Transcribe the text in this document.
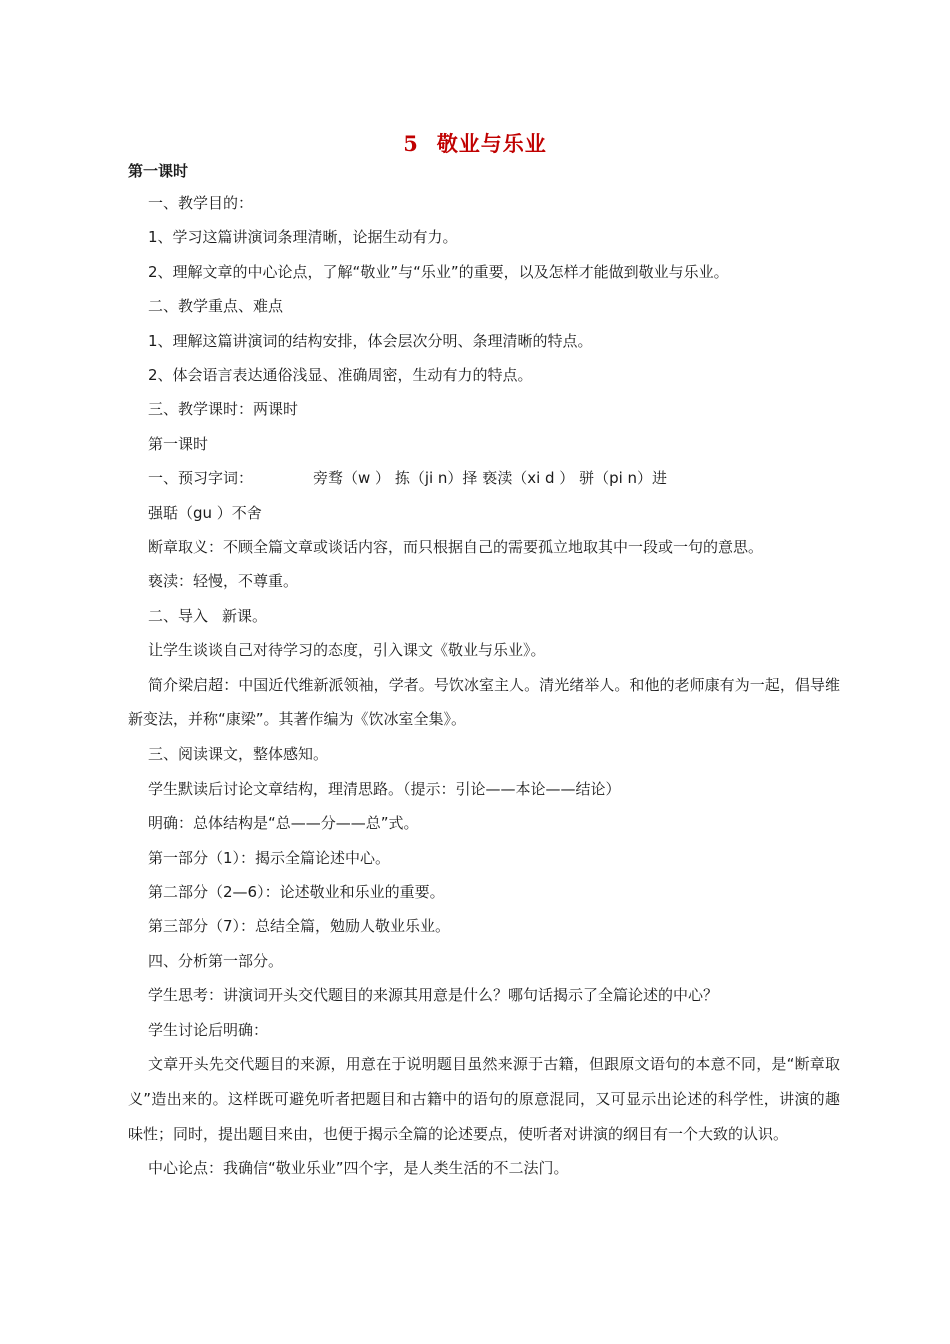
5 敬业与乐业

第一课时

一、教学目的：

1、学习这篇讲演词条理清晰，论据生动有力。

2、理解文章的中心论点，了解“敬业”与“乐业”的重要，以及怎样才能做到敬业与乐业。

二、教学重点、难点

1、理解这篇讲演词的结构安排，体会层次分明、条理清晰的特点。

2、体会语言表达通俗浅显、准确周密，生动有力的特点。

三、教学课时：两课时

第一课时

一、预习字词：	旁骛（w ） 拣（ji n）择 亵渎（xi d ） 骈（pi n）进

强聒（gu ）不舍

断章取义：不顾全篇文章或谈话内容，而只根据自己的需要孤立地取其中一段或一句的意思。

亵渎：轻慢，不尊重。

二、导入 新课。

让学生谈谈自己对待学习的态度，引入课文《敬业与乐业》。

简介梁启超：中国近代维新派领袖，学者。号饮冰室主人。清光绪举人。和他的老师康有为一起，倡导维新变法，并称“康梁”。其著作编为《饮冰室全集》。

三、阅读课文，整体感知。

学生默读后讨论文章结构，理清思路。（提示：引论——本论——结论）

明确：总体结构是“总——分——总”式。

第一部分（1）：揭示全篇论述中心。

第二部分（2—6）：论述敬业和乐业的重要。

第三部分（7）：总结全篇，勉励人敬业乐业。

四、分析第一部分。

学生思考：讲演词开头交代题目的来源其用意是什么？哪句话揭示了全篇论述的中心？

学生讨论后明确：

文章开头先交代题目的来源，用意在于说明题目虽然来源于古籍，但跟原文语句的本意不同，是“断章取义”造出来的。这样既可避免听者把题目和古籍中的语句的原意混同，又可显示出论述的科学性，讲演的趣味性；同时，提出题目来由，也便于揭示全篇的论述要点，使听者对讲演的纲目有一个大致的认识。

中心论点：我确信“敬业乐业”四个字，是人类生活的不二法门。
